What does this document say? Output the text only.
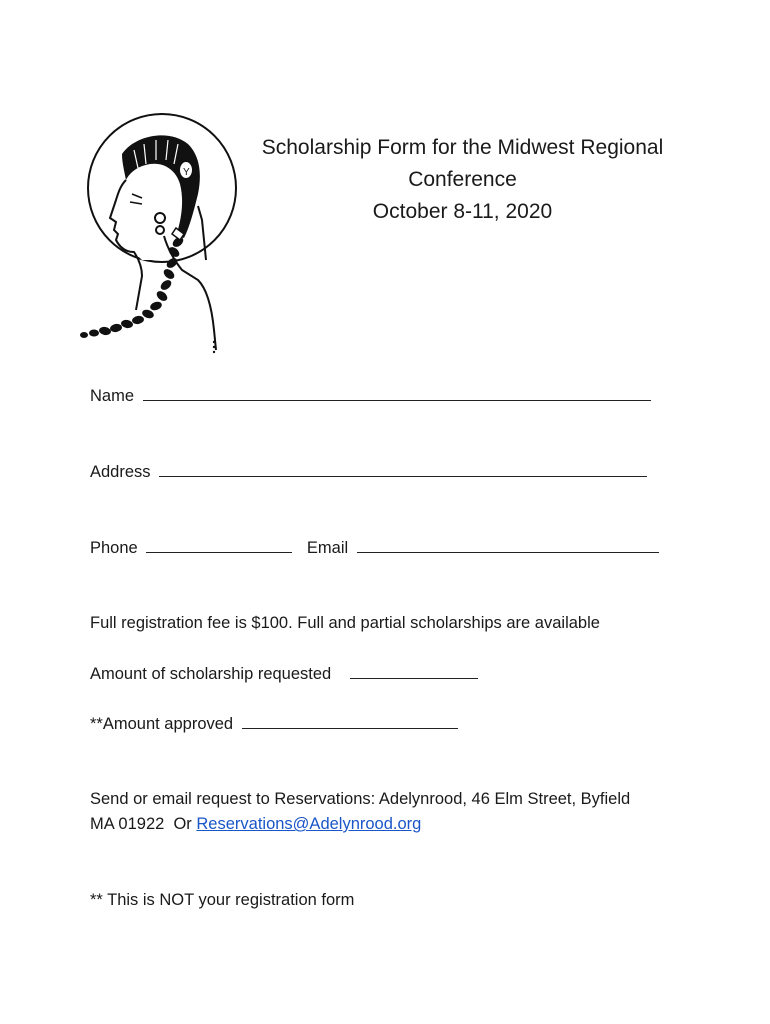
Y
Scholarship Form for the Midwest Regional
Conference
October 8-11, 2020
Name
Address
Phone	Email
Full registration fee is $100. Full and partial scholarships are available
Amount of scholarship requested
**Amount approved
Send or email request to Reservations: Adelynrood, 46 Elm Street, Byfield
MA 01922  Or Reservations@Adelynrood.org
** This is NOT your registration form
